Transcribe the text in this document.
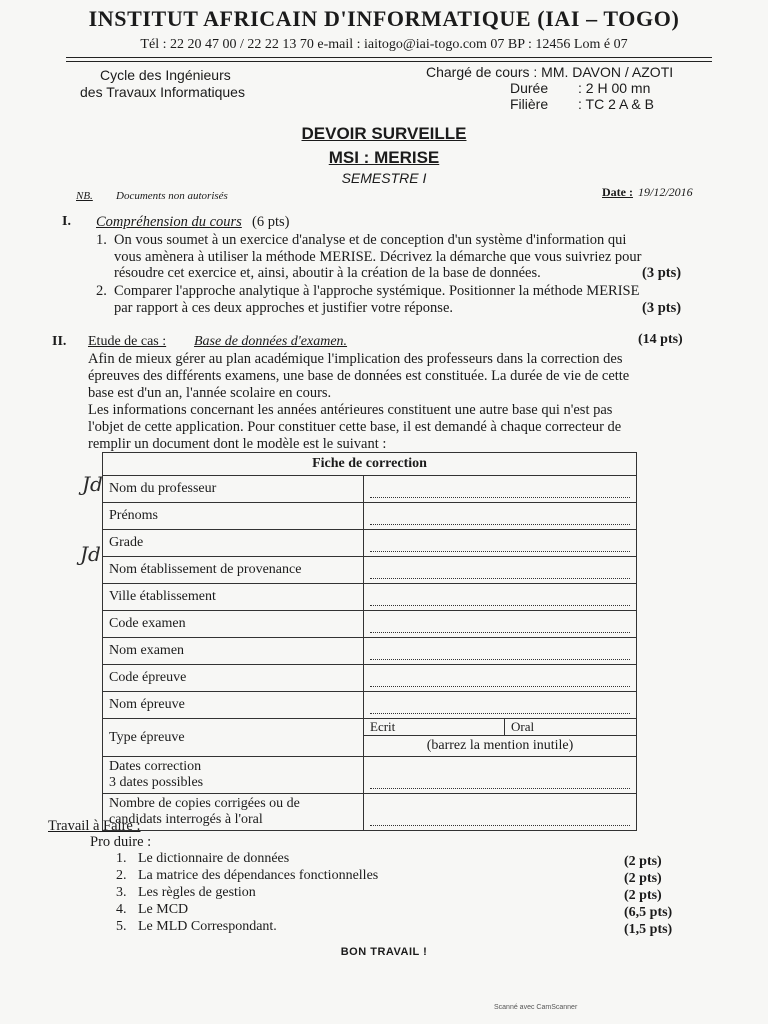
INSTITUT AFRICAIN D'INFORMATIQUE (IAI – TOGO)
Tél : 22 20 47 00 / 22 22 13 70 e-mail : iaitogo@iai-togo.com 07 BP : 12456 Lom é 07
Cycle des Ingénieurs
des Travaux Informatiques
Chargé de cours : MM. DAVON / AZOTI
Durée : 2 H 00 mn
Filière : TC 2 A & B
DEVOIR SURVEILLE
MSI : MERISE
SEMESTRE I
NB. Documents non autorisés	Date : 19/12/2016
I. Compréhension du cours (6 pts)
1. On vous soumet à un exercice d'analyse et de conception d'un système d'information qui
vous amènera à utiliser la méthode MERISE. Décrivez la démarche que vous suivriez pour
résoudre cet exercice et, ainsi, aboutir à la création de la base de données.	(3 pts)
2. Comparer l'approche analytique à l'approche systémique. Positionner la méthode MERISE
par rapport à ces deux approches et justifier votre réponse.	(3 pts)
II. Etude de cas : Base de données d'examen.	(14 pts)
Afin de mieux gérer au plan académique l'implication des professeurs dans la correction des
épreuves des différents examens, une base de données est constituée. La durée de vie de cette
base est d'un an, l'année scolaire en cours.
Les informations concernant les années antérieures constituent une autre base qui n'est pas
l'objet de cette application. Pour constituer cette base, il est demandé à chaque correcteur de
remplir un document dont le modèle est le suivant :
Jd
Jd
Fiche de correction	
Nom du professeur	

Prénoms	

Grade	

Nom établissement de provenance	

Ville établissement	

Code examen	

Nom examen	

Code épreuve	

Nom épreuve	

Type épreuve	Ecrit Oral

	(barrez la mention inutile)

Dates correction
3 dates possibles	

Nombre de copies corrigées ou de
candidats interrogés à l'oral	

Travail à Faire :
Pro duire :
1. Le dictionnaire de données	(2 pts)
2. La matrice des dépendances fonctionnelles	(2 pts)
3. Les règles de gestion	(2 pts)
4. Le MCD	(6,5 pts)
5. Le MLD Correspondant.	(1,5 pts)
BON TRAVAIL !
Scanné avec CamScanner
